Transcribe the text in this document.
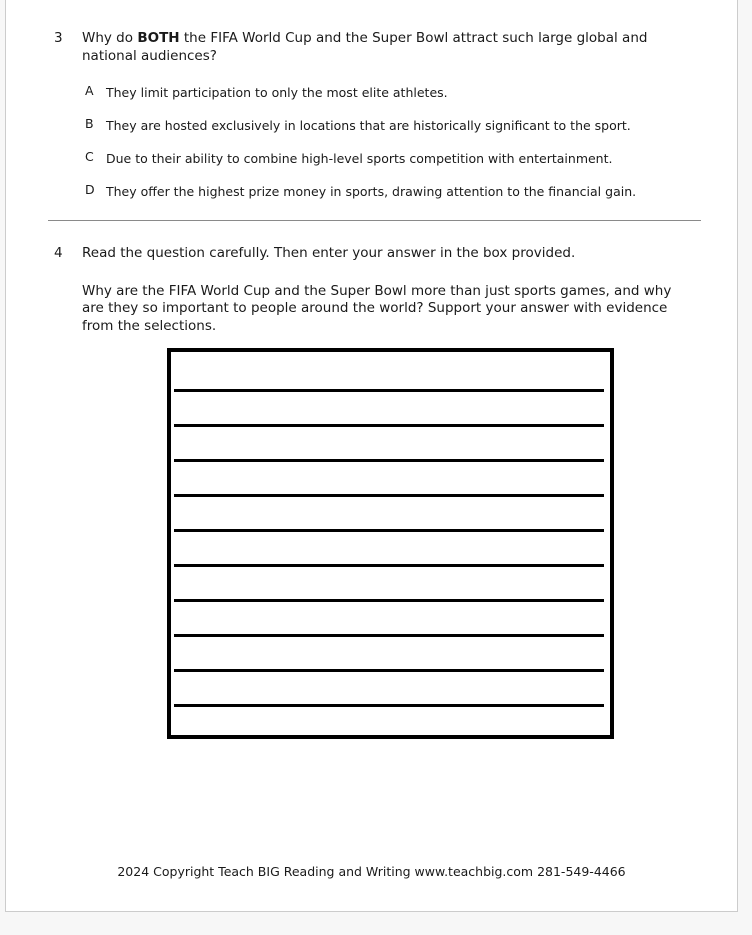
3 Why do BOTH the FIFA World Cup and the Super Bowl attract such large global and national audiences?
A They limit participation to only the most elite athletes.
B They are hosted exclusively in locations that are historically significant to the sport.
C Due to their ability to combine high-level sports competition with entertainment.
D They offer the highest prize money in sports, drawing attention to the financial gain.
4 Read the question carefully. Then enter your answer in the box provided.
Why are the FIFA World Cup and the Super Bowl more than just sports games, and why are they so important to people around the world? Support your answer with evidence from the selections.
2024 Copyright Teach BIG Reading and Writing www.teachbig.com 281-549-4466
